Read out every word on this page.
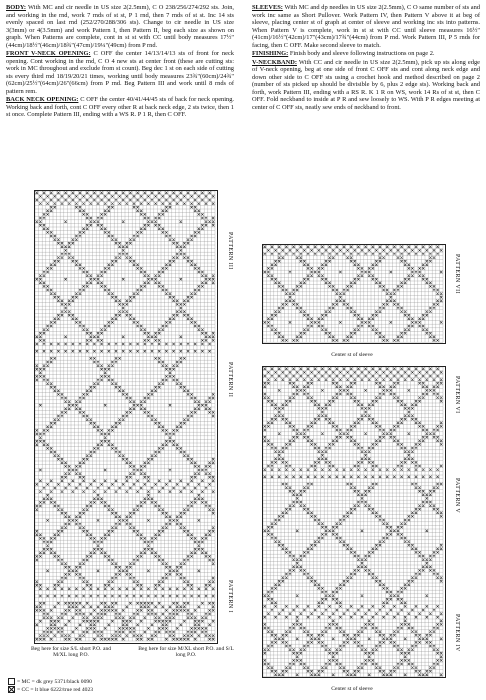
BODY: With MC and cir needle in US size 2(2.5mm), C O 238/256/274/292 sts. Join, and working in the rnd, work 7 rnds of st st, P 1 rnd, then 7 rnds of st st. Inc 14 sts evenly spaced on last rnd (252/270/288/306 sts). Change to cir needle in US size 3(3mm) or 4(3.5mm) and work Pattern I, then Pattern II, beg each size as shown on graph. When Patterns are complete, cont in st st with CC until body measures 17½"(44cm)/18½"(46cm)/18¾"(47cm)/19¼"(49cm) from P rnd.

FRONT V-NECK OPENING: C OFF the center 14/13/14/13 sts of front for neck opening. Cont working in the rnd, C O 4 new sts at center front (these are cutting sts: work in MC throughout and exclude from st count). Beg dec 1 st on each side of cutting sts every third rnd 18/19/20/21 times, working until body measures 23¾"(60cm)/24¾"(62cm)/25½"(64cm)/26"(66cm) from P rnd. Beg Pattern III and work until 8 rnds of pattern rem.

BACK NECK OPENING: C OFF the center 40/41/44/45 sts of back for neck opening. Working back and forth, cont C OFF every other R at back neck edge, 2 sts twice, then 1 st once. Complete Pattern III, ending with a WS R. P 1 R, then C OFF.

SLEEVES: With MC and dp needles in US size 2(2.5mm), C O same number of sts and work inc same as Short Pullover. Work Pattern IV, then Pattern V above it at beg of sleeve, placing center st of graph at center of sleeve and working inc sts into patterns. When Pattern V is complete, work in st st with CC until sleeve measures 16½"(41cm)/16½"(42cm)/17"(43cm)/17¾"(44cm) from P rnd. Work Pattern III, P 5 rnds for facing, then C OFF. Make second sleeve to match.

FINISHING: Finish body and sleeve following instructions on page 2.

V-NECKBAND: With CC and cir needle in US size 2(2.5mm), pick up sts along edge of V-neck opening, beg at one side of front C OFF sts and cont along neck edge and down other side to C OFF sts using a crochet hook and method described on page 2 (number of sts picked up should be divisible by 6, plus 2 edge sts). Working back and forth, work Pattern III, ending with a RS R. K 1 R on WS, work 14 Rs of st st, then C OFF. Fold neckband to inside at P R and sew loosely to WS. With P R edges meeting at center of C OFF sts, neatly sew ends of neckband to front.

PATTERN III
PATTERN II
PATTERN I
PATTERN VII
Center st of sleeve
PATTERN VI
PATTERN V
PATTERN IV
Center st of sleeve
Beg here for size S/L short P.O. and M/XL long P.O.
Beg here for size M/XL short P.O. and S/L long P.O.
= MC = dk grey 5371/black 0090
= CC = lt blue 6222/true red 4023
